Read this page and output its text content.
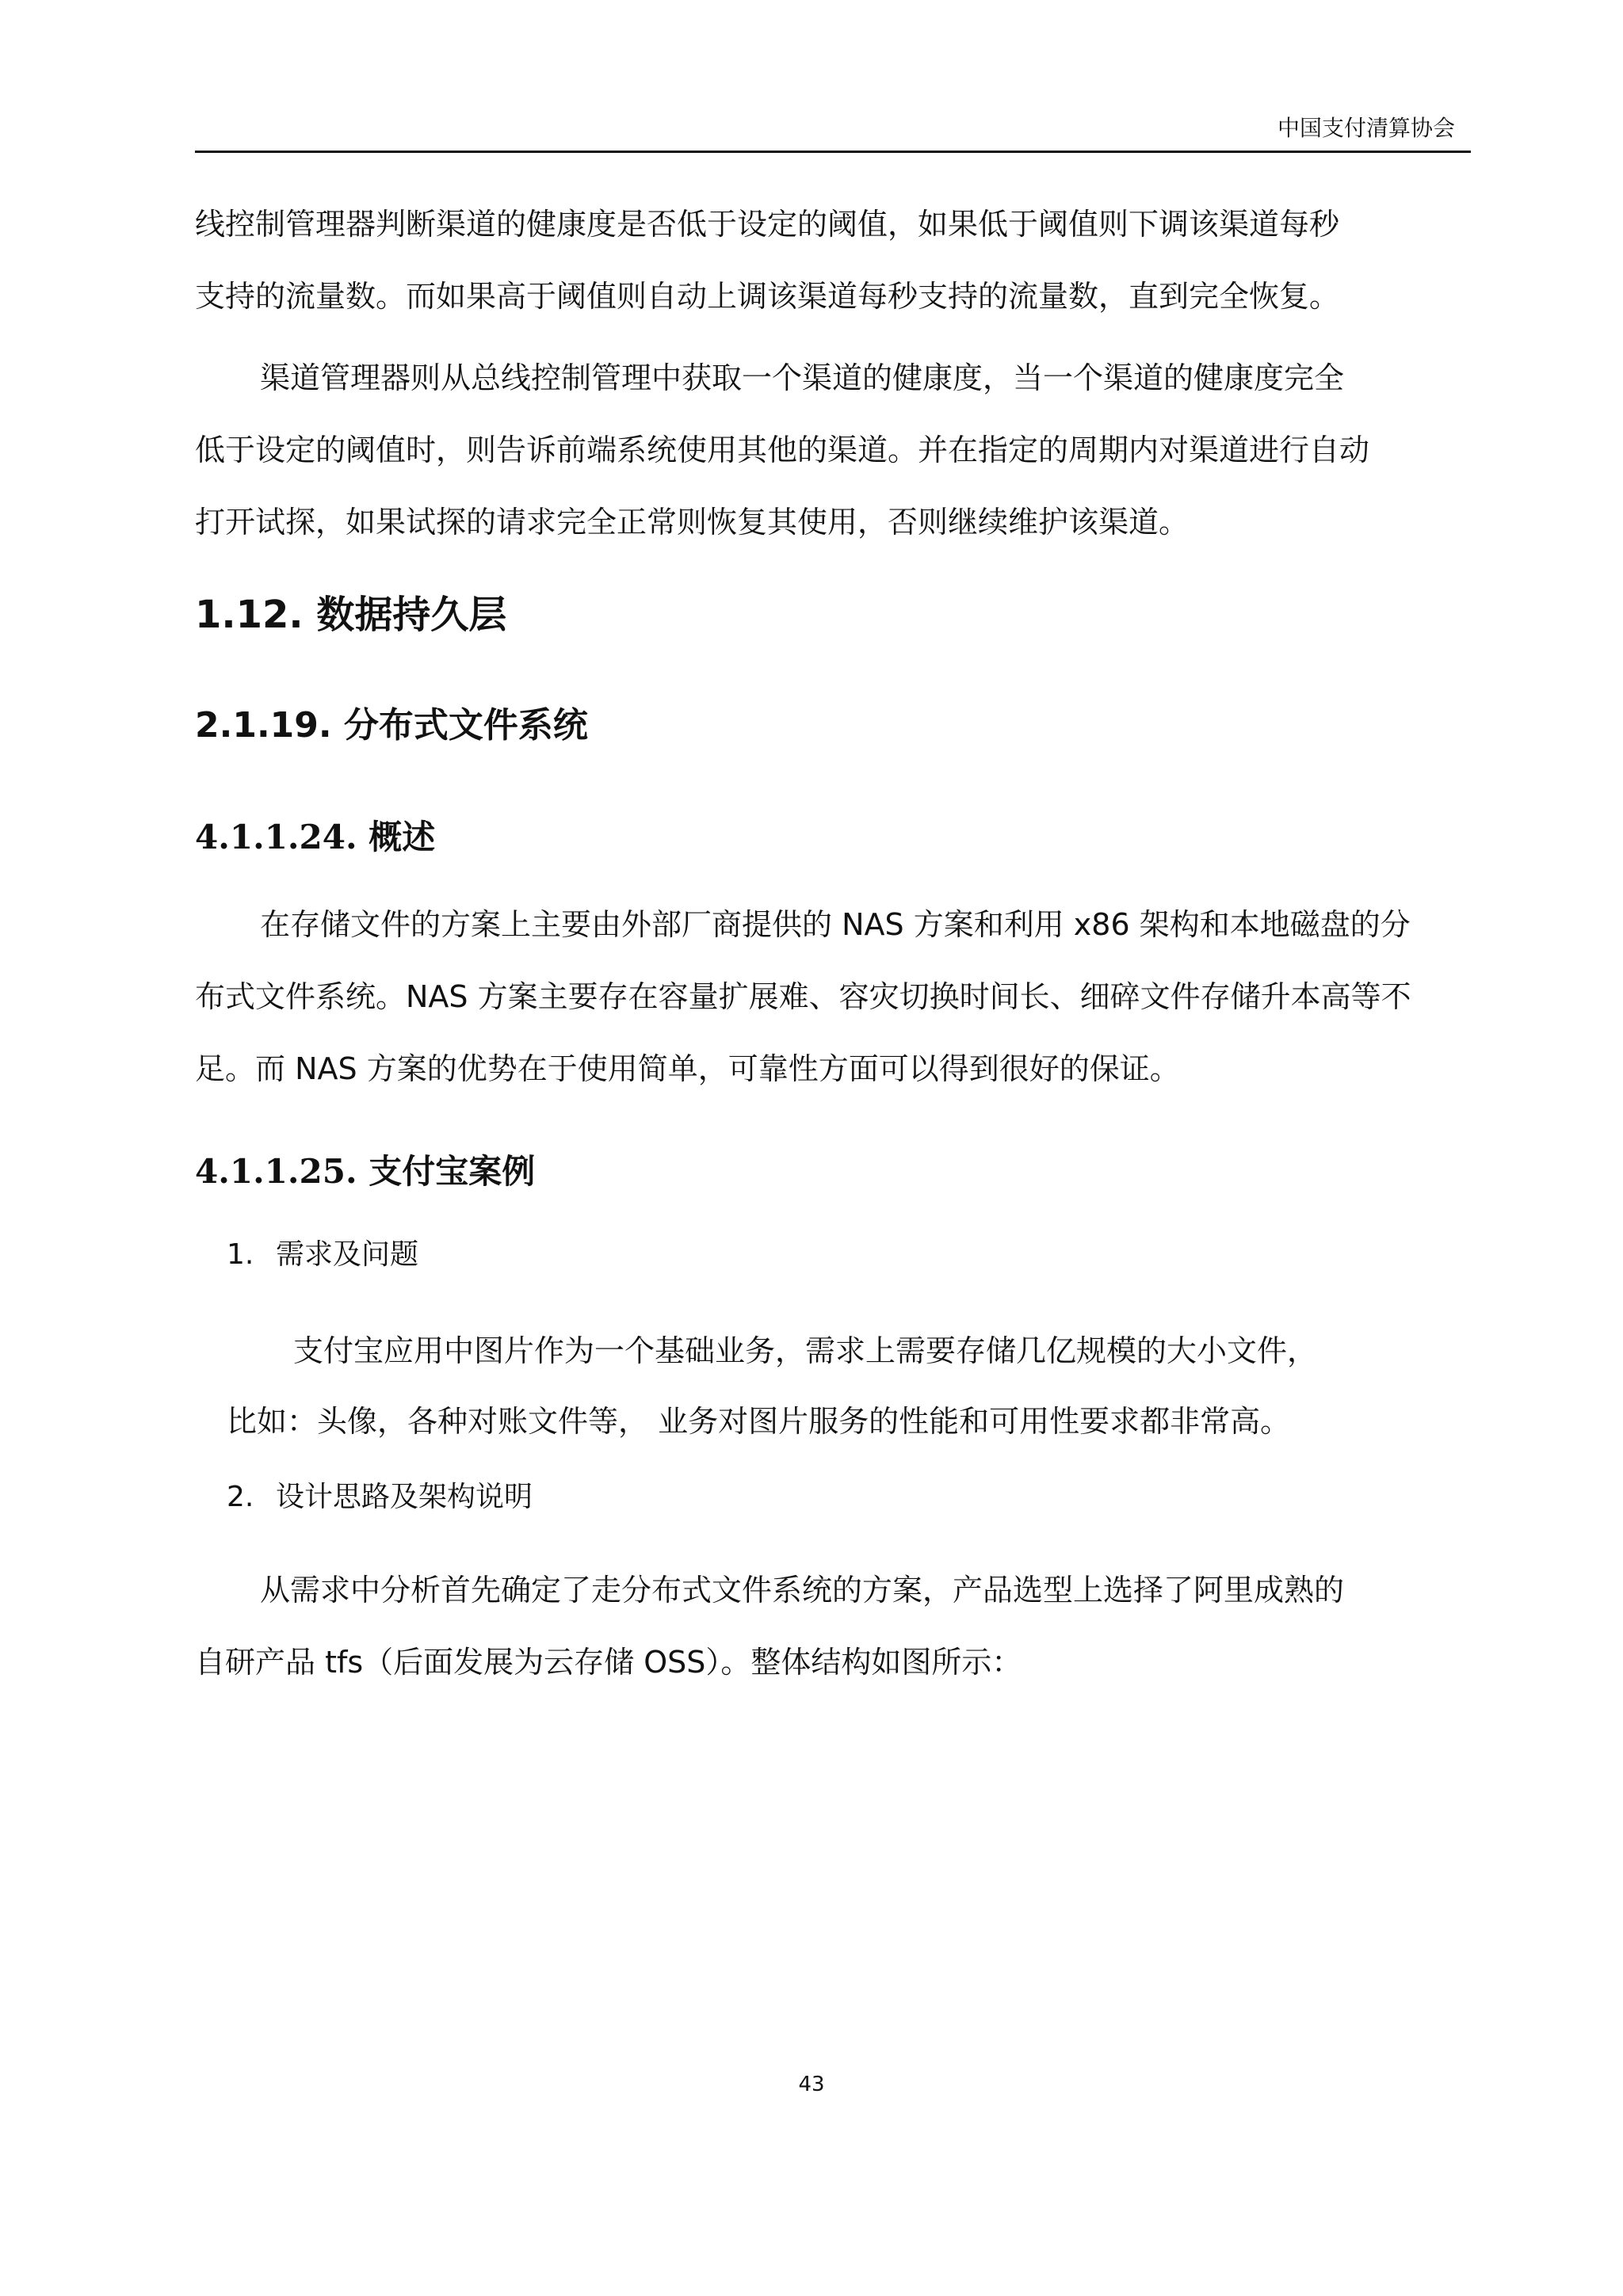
中国支付清算协会

线控制管理器判断渠道的健康度是否低于设定的阈值，如果低于阈值则下调该渠道每秒

支持的流量数。而如果高于阈值则自动上调该渠道每秒支持的流量数，直到完全恢复。

渠道管理器则从总线控制管理中获取一个渠道的健康度，当一个渠道的健康度完全

低于设定的阈值时，则告诉前端系统使用其他的渠道。并在指定的周期内对渠道进行自动

打开试探，如果试探的请求完全正常则恢复其使用，否则继续维护该渠道。

1.12. 数据持久层
2.1.19. 分布式文件系统
4.1.1.24. 概述

在存储文件的方案上主要由外部厂商提供的 NAS 方案和利用 x86 架构和本地磁盘的分

布式文件系统。NAS 方案主要存在容量扩展难、容灾切换时间长、细碎文件存储升本高等不

足。而 NAS 方案的优势在于使用简单，可靠性方面可以得到很好的保证。

4.1.1.25. 支付宝案例
1. 需求及问题

支付宝应用中图片作为一个基础业务，需求上需要存储几亿规模的大小文件，

比如：头像，各种对账文件等， 业务对图片服务的性能和可用性要求都非常高。

2. 设计思路及架构说明

从需求中分析首先确定了走分布式文件系统的方案，产品选型上选择了阿里成熟的

自研产品 tfs（后面发展为云存储 OSS）。整体结构如图所示：

43
